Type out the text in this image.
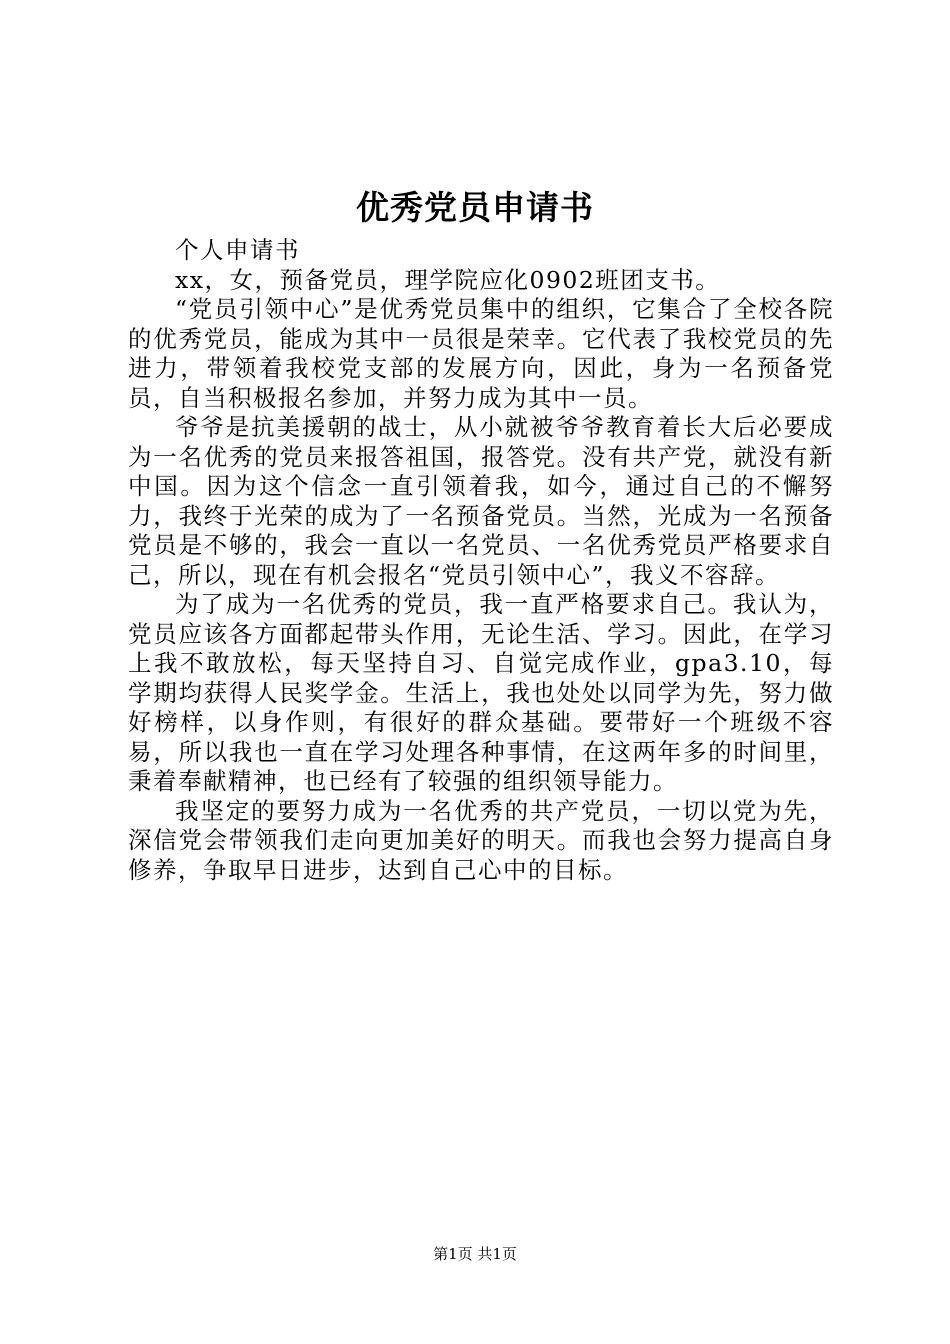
优秀党员申请书

个人申请书

xx，女，预备党员，理学院应化0902班团支书。

“党员引领中心”是优秀党员集中的组织，它集合了全校各院的优秀党员，能成为其中一员很是荣幸。它代表了我校党员的先进力，带领着我校党支部的发展方向，因此，身为一名预备党员，自当积极报名参加，并努力成为其中一员。

爷爷是抗美援朝的战士，从小就被爷爷教育着长大后必要成为一名优秀的党员来报答祖国，报答党。没有共产党，就没有新中国。因为这个信念一直引领着我，如今，通过自己的不懈努力，我终于光荣的成为了一名预备党员。当然，光成为一名预备党员是不够的，我会一直以一名党员、一名优秀党员严格要求自己，所以，现在有机会报名“党员引领中心”，我义不容辞。

为了成为一名优秀的党员，我一直严格要求自己。我认为，党员应该各方面都起带头作用，无论生活、学习。因此，在学习上我不敢放松，每天坚持自习、自觉完成作业，gpa3.10，每学期均获得人民奖学金。生活上，我也处处以同学为先，努力做好榜样，以身作则，有很好的群众基础。要带好一个班级不容易，所以我也一直在学习处理各种事情，在这两年多的时间里，秉着奉献精神，也已经有了较强的组织领导能力。

我坚定的要努力成为一名优秀的共产党员，一切以党为先，深信党会带领我们走向更加美好的明天。而我也会努力提高自身修养，争取早日进步，达到自己心中的目标。

第1页 共1页
